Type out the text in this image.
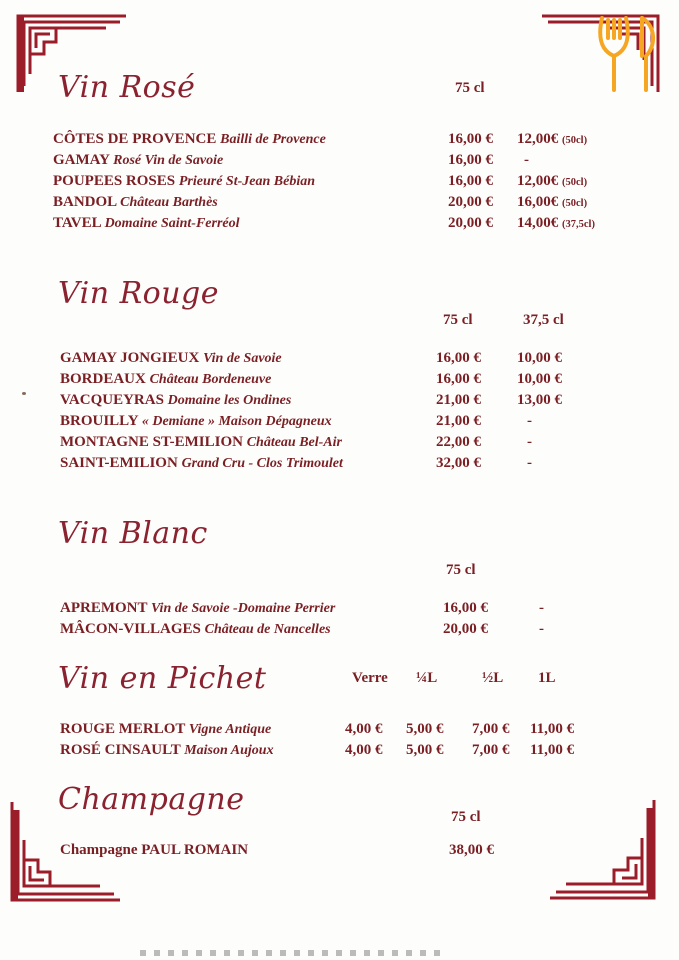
Vin Rosé	75 cl
CÔTES DE PROVENCE Bailli de Provence	16,00 € 12,00€ (50cl)
GAMAY Rosé Vin de Savoie	16,00 € -
POUPEES ROSES Prieuré St-Jean Bébian	16,00 € 12,00€ (50cl)
BANDOL Château Barthès	20,00 € 16,00€ (50cl)
TAVEL Domaine Saint-Ferréol	20,00 € 14,00€ (37,5cl)
Vin Rouge
75 cl	37,5 cl
GAMAY JONGIEUX Vin de Savoie	16,00 € 10,00 €
BORDEAUX Château Bordeneuve	16,00 € 10,00 €
VACQUEYRAS Domaine les Ondines	21,00 € 13,00 €
BROUILLY « Demiane » Maison Dépagneux	21,00 €	-
MONTAGNE ST-EMILION Château Bel-Air	22,00 €	-
SAINT-EMILION Grand Cru - Clos Trimoulet	32,00 €	-
Vin Blanc
75 cl
APREMONT Vin de Savoie -Domaine Perrier	16,00 €	-
MÂCON-VILLAGES Château de Nancelles	20,00 €	-
Vin en Pichet	Verre ¼L	½L 1L
ROUGE MERLOT Vigne Antique	4,00 € 5,00 € 7,00 € 11,00 €
ROSÉ CINSAULT Maison Aujoux	4,00 € 5,00 € 7,00 € 11,00 €
Champagne	75 cl
Champagne PAUL ROMAIN	38,00 €
